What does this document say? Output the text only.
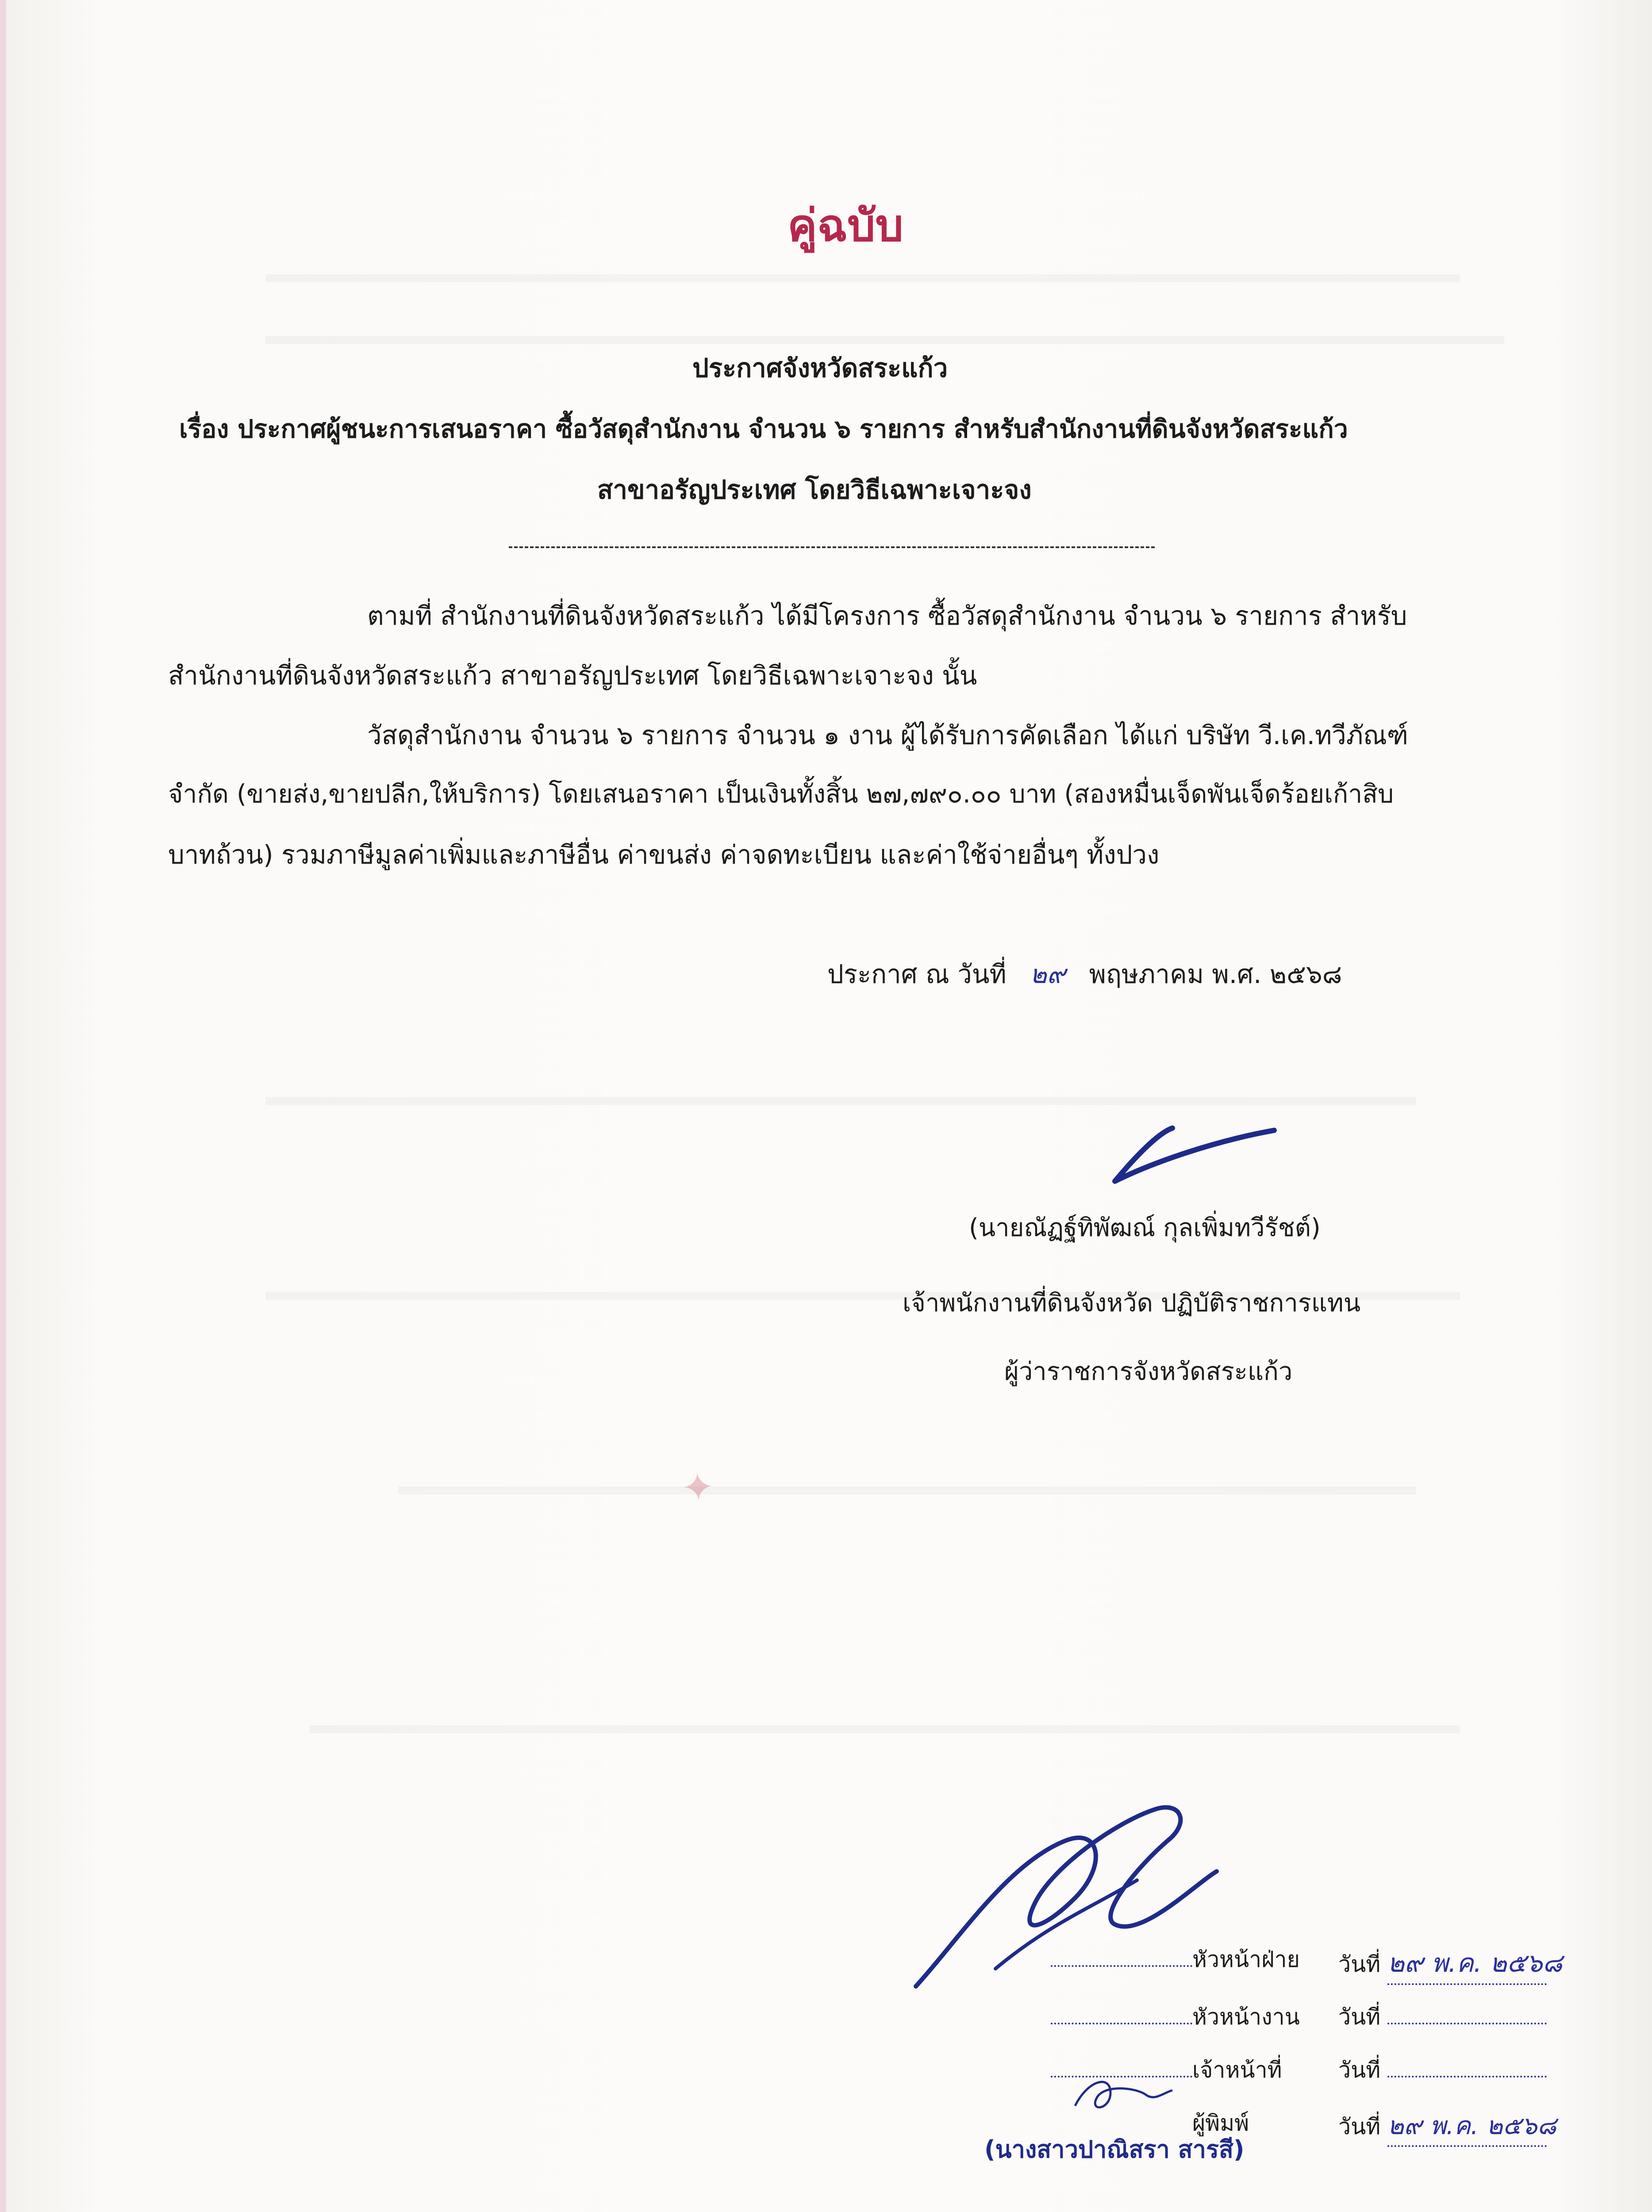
คู่ฉบับ
ประกาศจังหวัดสระแก้ว
เรื่อง ประกาศผู้ชนะการเสนอราคา ซื้อวัสดุสำนักงาน จำนวน ๖ รายการ สำหรับสำนักงานที่ดินจังหวัดสระแก้ว
สาขาอรัญประเทศ โดยวิธีเฉพาะเจาะจง
ตามที่ สำนักงานที่ดินจังหวัดสระแก้ว ได้มีโครงการ ซื้อวัสดุสำนักงาน จำนวน ๖ รายการ สำหรับ
สำนักงานที่ดินจังหวัดสระแก้ว สาขาอรัญประเทศ โดยวิธีเฉพาะเจาะจง นั้น
วัสดุสำนักงาน จำนวน ๖ รายการ จำนวน ๑ งาน ผู้ได้รับการคัดเลือก ได้แก่ บริษัท วี.เค.ทวีภัณฑ์
จำกัด (ขายส่ง,ขายปลีก,ให้บริการ) โดยเสนอราคา เป็นเงินทั้งสิ้น ๒๗,๗๙๐.๐๐ บาท (สองหมื่นเจ็ดพันเจ็ดร้อยเก้าสิบ
บาทถ้วน) รวมภาษีมูลค่าเพิ่มและภาษีอื่น ค่าขนส่ง ค่าจดทะเบียน และค่าใช้จ่ายอื่นๆ ทั้งปวง
ประกาศ ณ วันที่ ๒๙ พฤษภาคม พ.ศ. ๒๕๖๘
(นายณัฏฐ์ทิพัฒณ์ กุลเพิ่มทวีรัชต์)
เจ้าพนักงานที่ดินจังหวัด ปฏิบัติราชการแทน
ผู้ว่าราชการจังหวัดสระแก้ว
✦
หัวหน้าฝ่าย วันที่ ๒๙ พ.ค. ๒๕๖๘
หัวหน้างาน วันที่
เจ้าหน้าที่	วันที่
ผู้พิมพ์	วันที่ ๒๙ พ.ค. ๒๕๖๘
(นางสาวปาณิสรา สารสี)
